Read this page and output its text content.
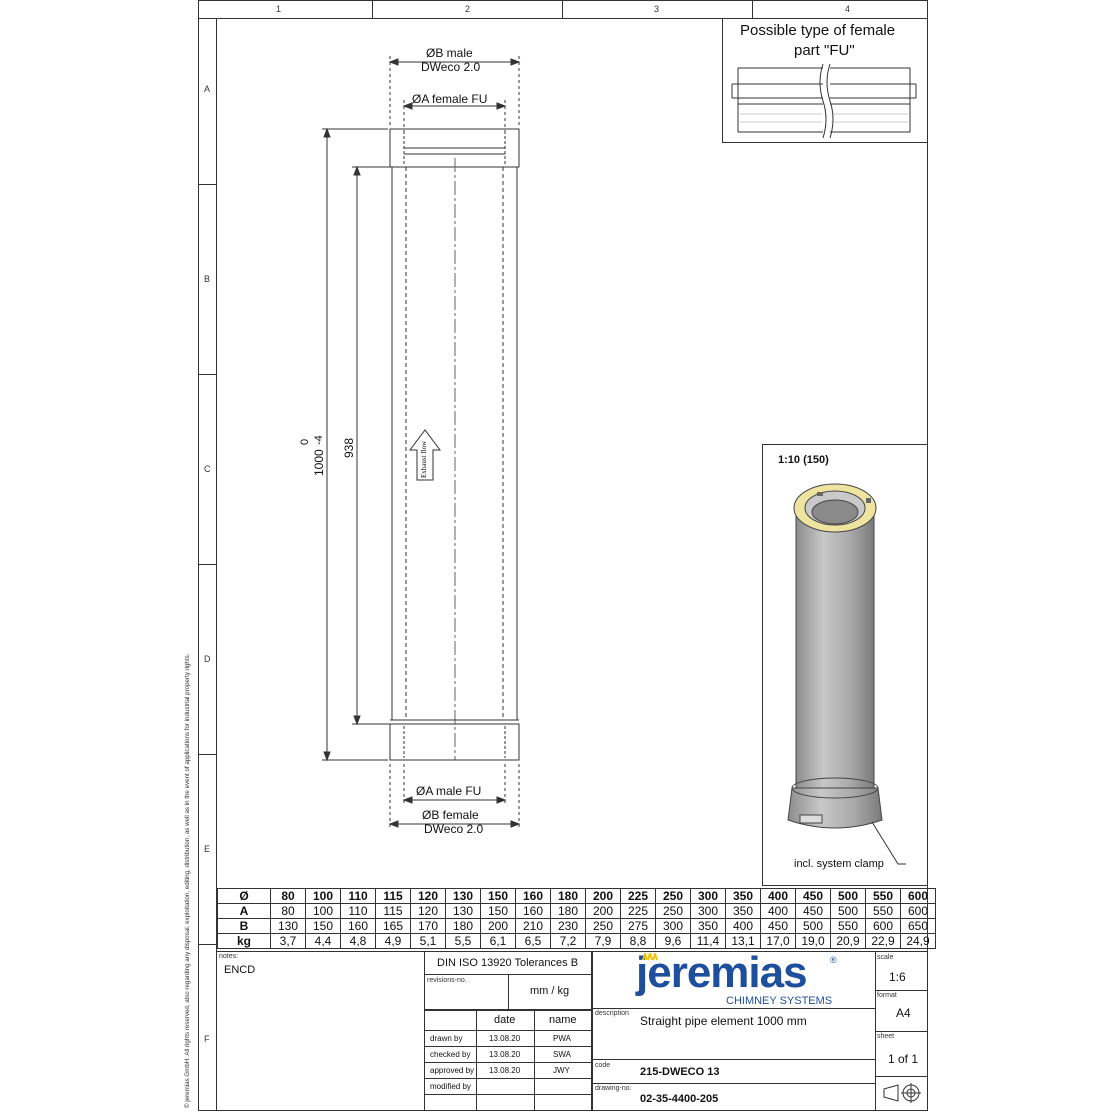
1	2	3	4
A
B
C
D
E
F
© jeremias GmbH. All rights reserved, also regarding any disposal, exploitation, editing, distribution, as well as in the event of applications for industrial property rights.
Possible type of female
part "FU"
ØB male
DWeco 2.0
ØA female FU
ØA male FU
ØB female
DWeco 2.0
1000
0 -4 938	Exhaust flow	1:10 (150)
incl. system clamp
Ø	80	100	110	115	120	130	150	160	180	200	225	250	300	350	400	450	500	550	600
A	80	100	110	115	120	130	150	160	180	200	225	250	300	350	400	450	500	550	600
B	130	150	160	165	170	180	200	210	230	250	275	300	350	400	450	500	550	600	650
kg	3,7	4,4	4,8	4,9	5,1	5,5	6,1	6,5	7,2	7,9	8,8	9,6	11,4	13,1	17,0	19,0	20,9	22,9	24,9
notes:
ENCD
DIN ISO 13920 Tolerances B
revisions-no.
mm / kg
date	name
drawn by	13.08.20	PWA
checked by 13.08.20	SWA
approved by 13.08.20	JWY
modified by
jeremias	®
CHIMNEY SYSTEMS
description
Straight pipe element 1000 mm
code
215-DWECO 13
drawing-no.
02-35-4400-205
scale
1:6
format
A4
sheet
1 of 1
